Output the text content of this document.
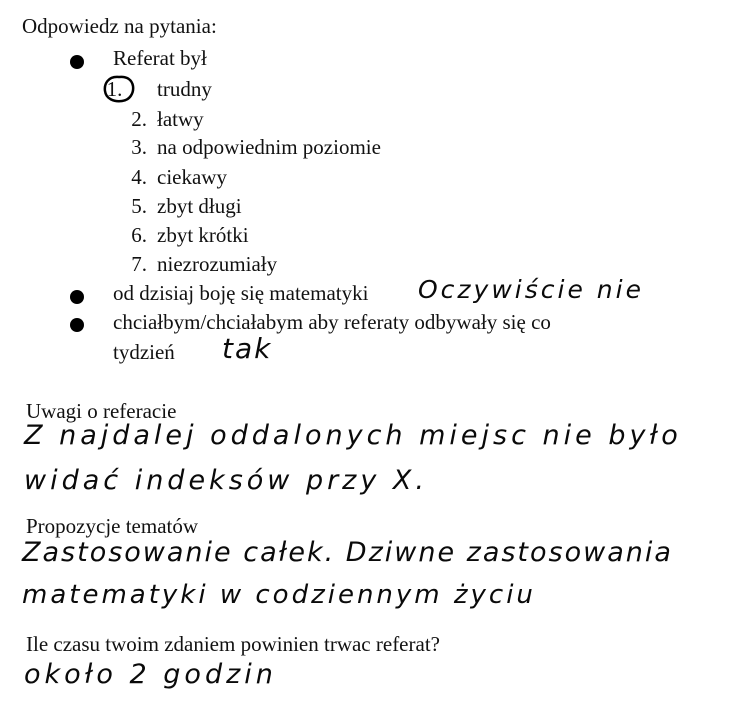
Odpowiedz na pytania:
Referat był
1.	trudny
2. łatwy
3. na odpowiednim poziomie
4. ciekawy
5. zbyt długi
6. zbyt krótki
7. niezrozumiały
od dzisiaj boję się matematyki Oczywiście nie
chciałbym/chciałabym aby referaty odbywały się co
tydzień tak
Uwagi o referacie
Z najdalej oddalonych miejsc nie było
widać indeksów przy X.
Propozycje tematów
Zastosowanie całek. Dziwne zastosowania
matematyki w codziennym życiu
Ile czasu twoim zdaniem powinien trwac referat?
około 2 godzin
